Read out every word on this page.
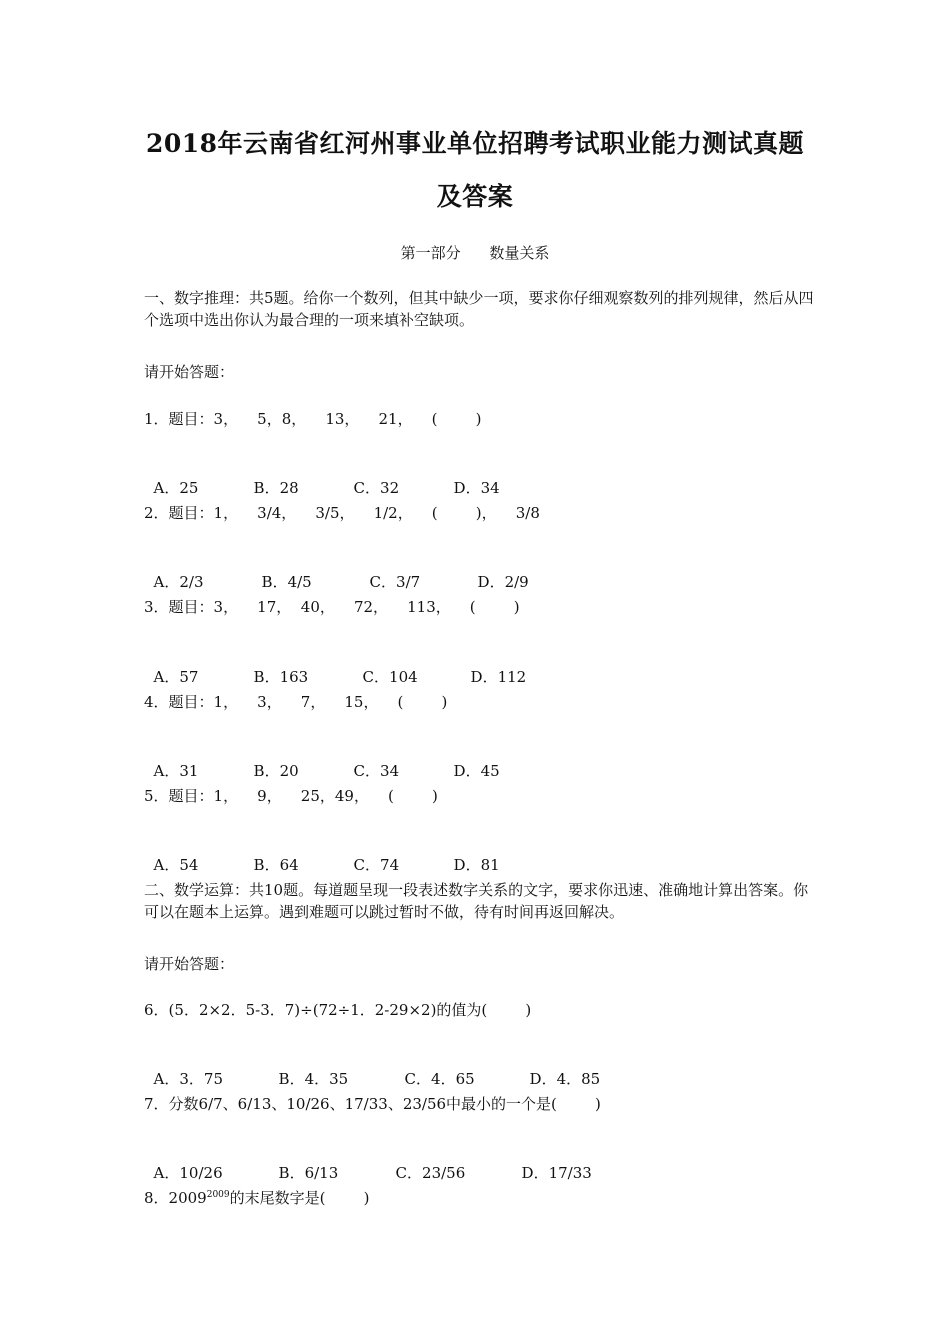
2018年云南省红河州事业单位招聘考试职业能力测试真题
及答案
第一部分 数量关系
一、数字推理：共5题。给你一个数列，但其中缺少一项，要求你仔细观察数列的排列规律，然后从四个选项中选出你认为最合理的一项来填补空缺项。
请开始答题：
1．题目：3，    5，8，    13，    21，    (        )

A．25	B．28	C．32	D．34

2．题目：1，    3/4，    3/5，    1/2，    (        )，    3/8

A．2/3	B．4/5	C．3/7	D．2/9

3．题目：3，    17，  40，    72，    113，    (        )

A．57	B．163	C．104	D．112

4．题目：1，    3，    7，    15，    (        )

A．31	B．20	C．34	D．45

5．题目：1，    9，    25，49，    (        )

A．54	B．64	C．74	D．81

二、数学运算：共10题。每道题呈现一段表述数字关系的文字，要求你迅速、准确地计算出答案。你可以在题本上运算。遇到难题可以跳过暂时不做，待有时间再返回解决。
请开始答题：
6．(5．2×2．5-3．7)÷(72÷1．2-29×2)的值为(        )

A．3．75	B．4．35	C．4．65	D．4．85

7．分数6/7、6/13、10/26、17/33、23/56中最小的一个是(        )

A．10/26	B．6/13	C．23/56	D．17/33

8．$2009^{2009}$的末尾数字是(        )
